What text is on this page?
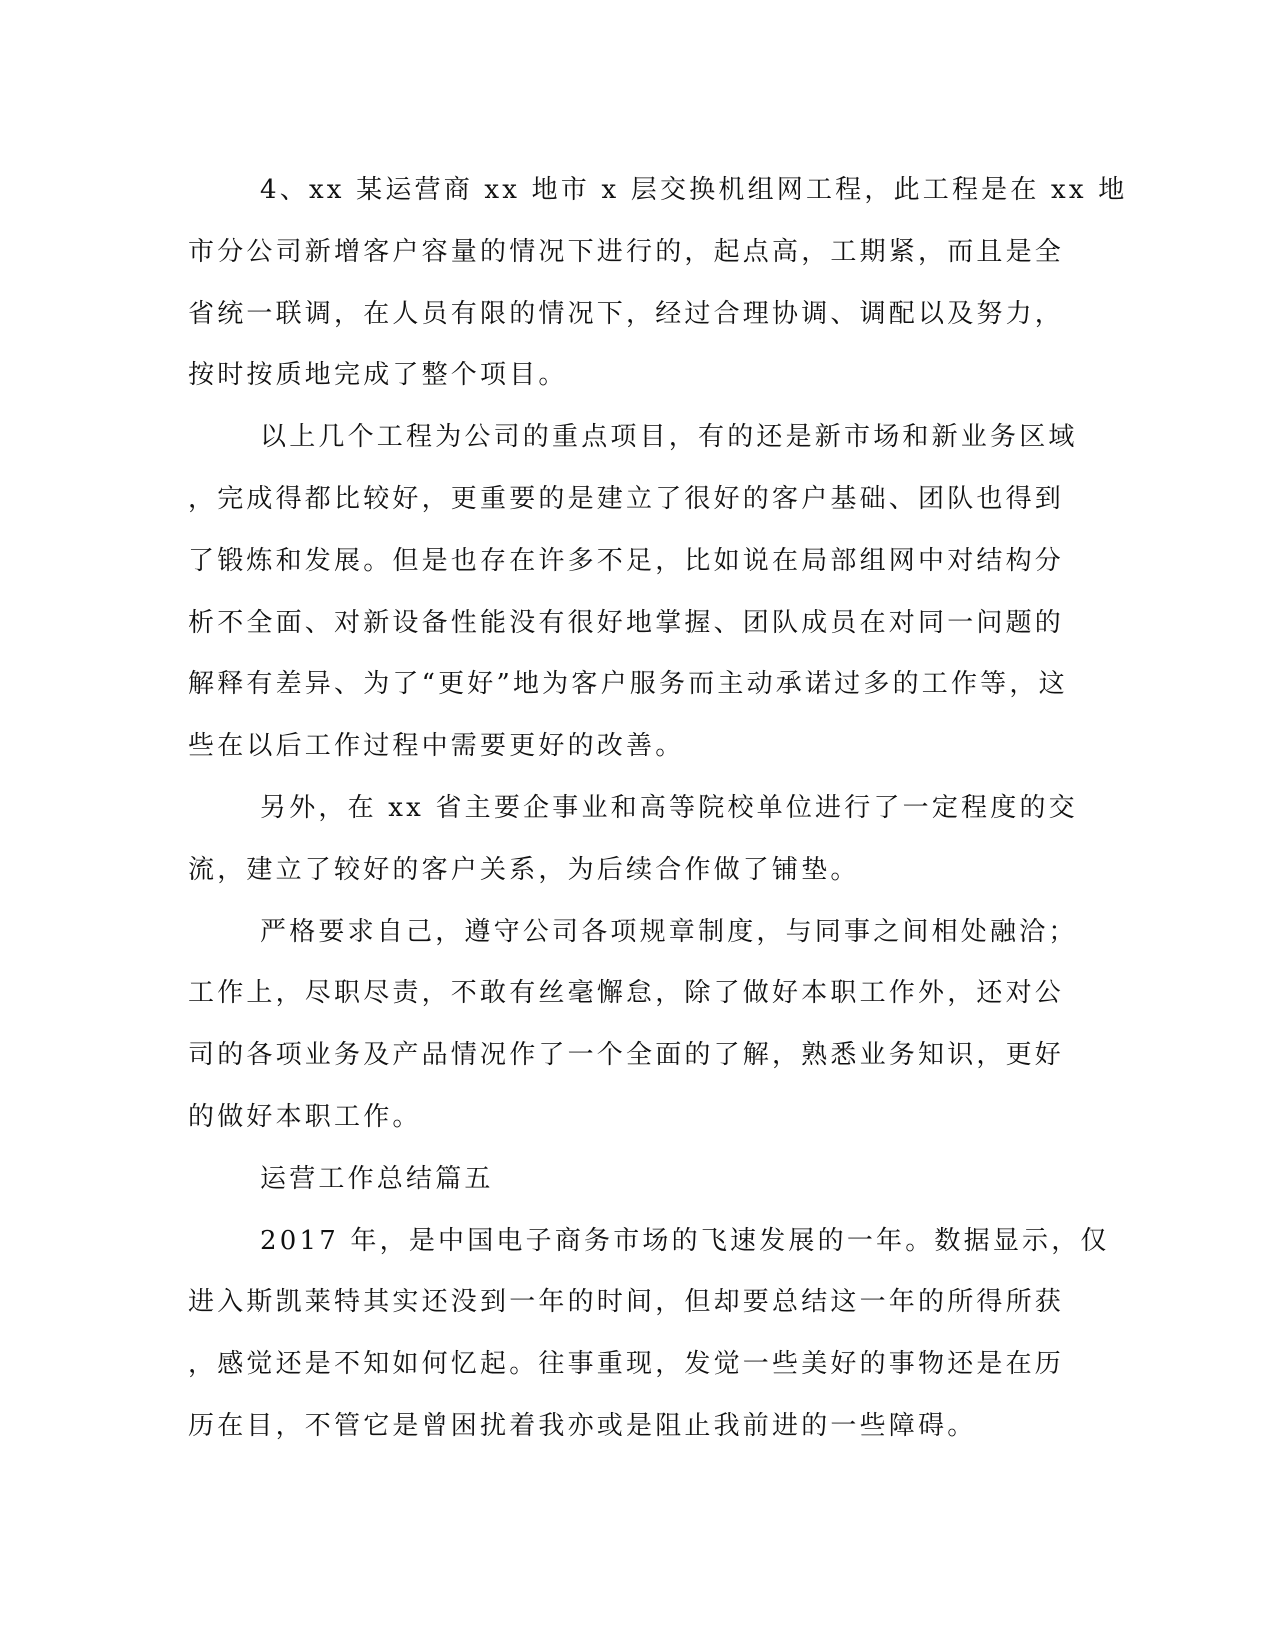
4、xx 某运营商 xx 地市 x 层交换机组网工程，此工程是在 xx 地
市分公司新增客户容量的情况下进行的，起点高，工期紧，而且是全
省统一联调，在人员有限的情况下，经过合理协调、调配以及努力，
按时按质地完成了整个项目。
以上几个工程为公司的重点项目，有的还是新市场和新业务区域
，完成得都比较好，更重要的是建立了很好的客户基础、团队也得到
了锻炼和发展。但是也存在许多不足，比如说在局部组网中对结构分
析不全面、对新设备性能没有很好地掌握、团队成员在对同一问题的
解释有差异、为了“更好”地为客户服务而主动承诺过多的工作等，这
些在以后工作过程中需要更好的改善。
另外，在 xx 省主要企事业和高等院校单位进行了一定程度的交
流，建立了较好的客户关系，为后续合作做了铺垫。
严格要求自己，遵守公司各项规章制度，与同事之间相处融洽；
工作上，尽职尽责，不敢有丝毫懈怠，除了做好本职工作外，还对公
司的各项业务及产品情况作了一个全面的了解，熟悉业务知识，更好
的做好本职工作。
运营工作总结篇五
2017 年，是中国电子商务市场的飞速发展的一年。数据显示，仅
进入斯凯莱特其实还没到一年的时间，但却要总结这一年的所得所获
，感觉还是不知如何忆起。往事重现，发觉一些美好的事物还是在历
历在目，不管它是曾困扰着我亦或是阻止我前进的一些障碍。
